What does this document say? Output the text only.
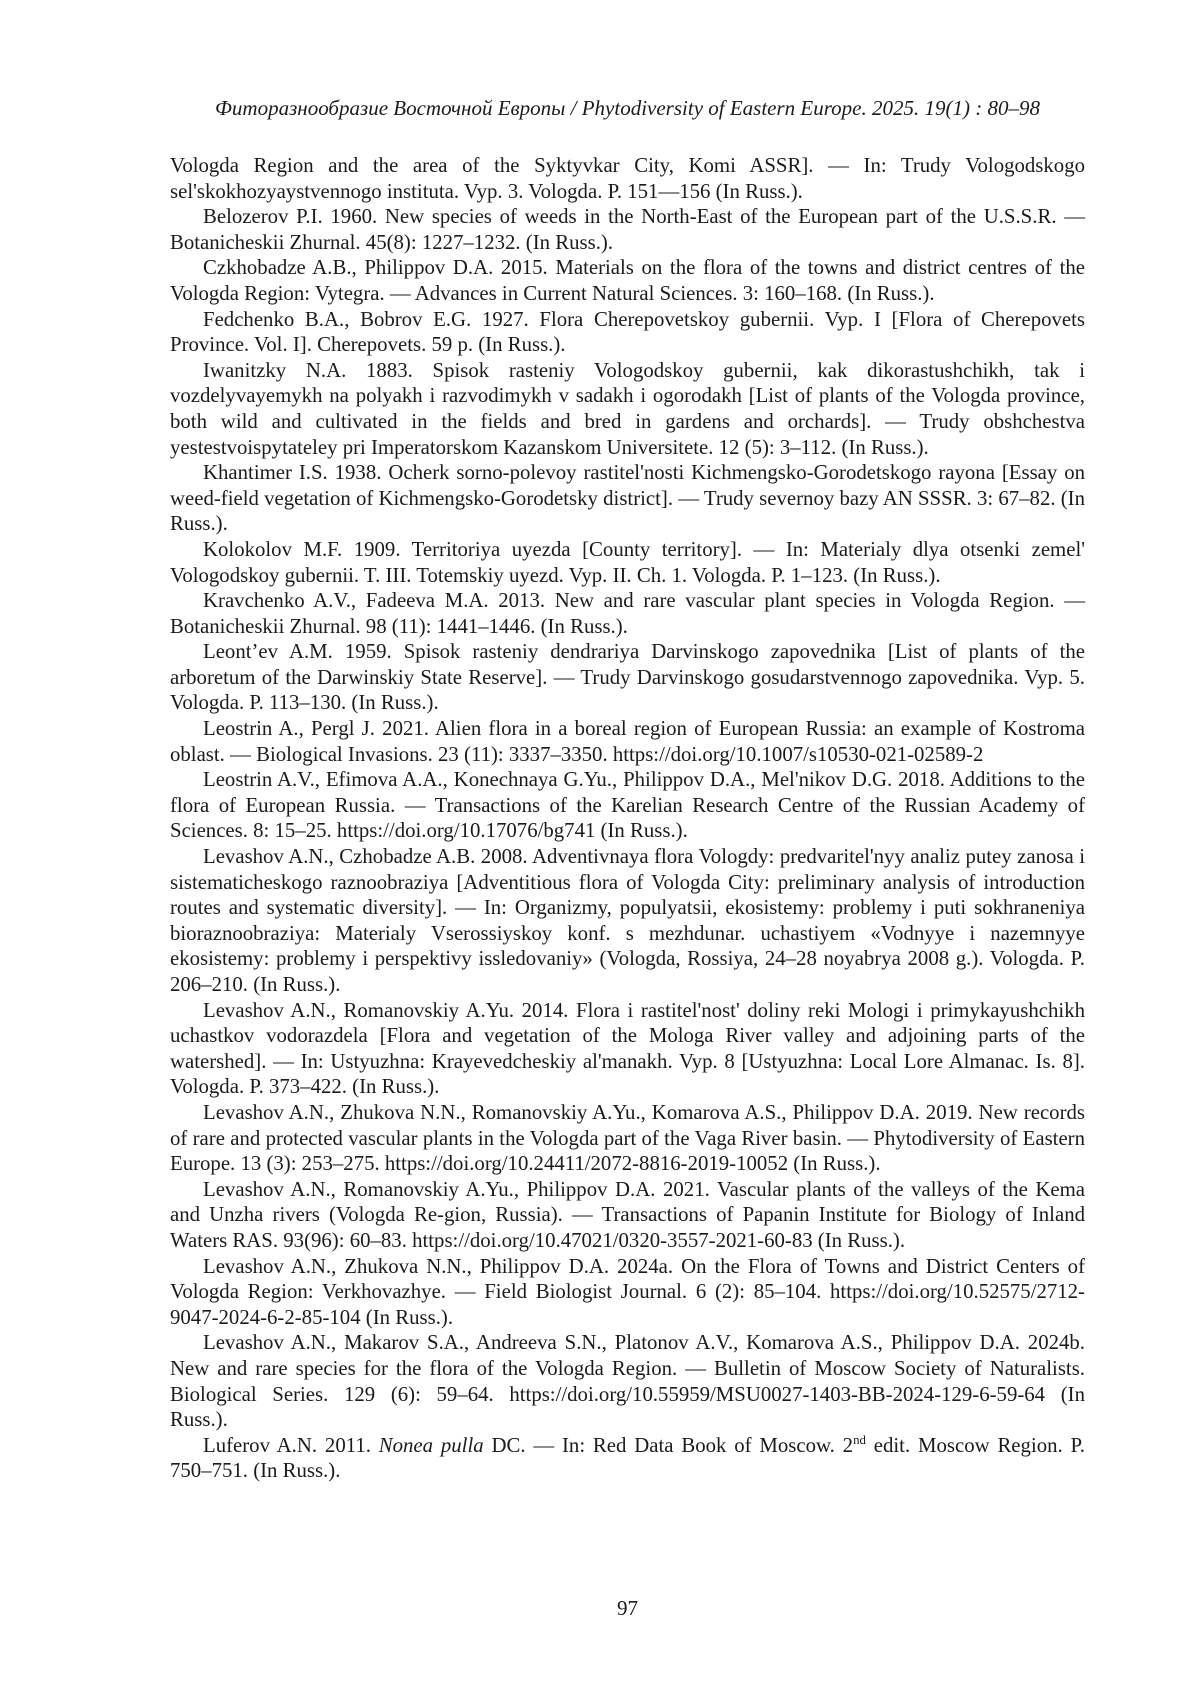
Фиторазнообразие Восточной Европы / Phytodiversity of Eastern Europe. 2025. 19(1) : 80–98

Vologda Region and the area of the Syktyvkar City, Komi ASSR]. — In: Trudy Vologodskogo sel'skokhozyaystvennogo instituta. Vyp. 3. Vologda. P. 151—156 (In Russ.).

Belozerov P.I. 1960. New species of weeds in the North-East of the European part of the U.S.S.R. — Botanicheskii Zhurnal. 45(8): 1227–1232. (In Russ.).

Czkhobadze A.B., Philippov D.A. 2015. Materials on the flora of the towns and district centres of the Vologda Region: Vytegra. — Advances in Current Natural Sciences. 3: 160–168. (In Russ.).

Fedchenko B.A., Bobrov E.G. 1927. Flora Cherepovetskoy gubernii. Vyp. I [Flora of Cherepovets Province. Vol. I]. Cherepovets. 59 p. (In Russ.).

Iwanitzky N.A. 1883. Spisok rasteniy Vologodskoy gubernii, kak dikorastushchikh, tak i vozdelyvayemykh na polyakh i razvodimykh v sadakh i ogorodakh [List of plants of the Vologda province, both wild and cultivated in the fields and bred in gardens and orchards]. — Trudy obshchestva yestestvoispytateley pri Imperatorskom Kazanskom Universitete. 12 (5): 3–112. (In Russ.).

Khantimer I.S. 1938. Ocherk sorno-polevoy rastitel'nosti Kichmengsko-Gorodetskogo rayona [Essay on weed-field vegetation of Kichmengsko-Gorodetsky district]. — Trudy severnoy bazy AN SSSR. 3: 67–82. (In Russ.).

Kolokolov M.F. 1909. Territoriya uyezda [County territory]. — In: Materialy dlya otsenki zemel' Vologodskoy gubernii. T. III. Totemskiy uyezd. Vyp. II. Ch. 1. Vologda. P. 1–123. (In Russ.).

Kravchenko A.V., Fadeeva M.A. 2013. New and rare vascular plant species in Vologda Region. — Botanicheskii Zhurnal. 98 (11): 1441–1446. (In Russ.).

Leont’ev A.M. 1959. Spisok rasteniy dendrariya Darvinskogo zapovednika [List of plants of the arboretum of the Darwinskiy State Reserve]. — Trudy Darvinskogo gosudarstvennogo zapovednika. Vyp. 5. Vologda. P. 113–130. (In Russ.).

Leostrin A., Pergl J. 2021. Alien flora in a boreal region of European Russia: an example of Kostroma oblast. — Biological Invasions. 23 (11): 3337–3350. https://doi.org/10.1007/s10530-021-02589-2

Leostrin A.V., Efimova A.A., Konechnaya G.Yu., Philippov D.A., Mel'nikov D.G. 2018. Additions to the flora of European Russia. — Transactions of the Karelian Research Centre of the Russian Academy of Sciences. 8: 15–25. https://doi.org/10.17076/bg741 (In Russ.).

Levashov A.N., Czhobadze A.B. 2008. Adventivnaya flora Vologdy: predvaritel'nyy analiz putey zanosa i sistematicheskogo raznoobraziya [Adventitious flora of Vologda City: preliminary analysis of introduction routes and systematic diversity]. — In: Organizmy, populyatsii, ekosistemy: problemy i puti sokhraneniya bioraznoobraziya: Materialy Vserossiyskoy konf. s mezhdunar. uchastiyem «Vodnyye i nazemnyye ekosistemy: problemy i perspektivy issledovaniy» (Vologda, Rossiya, 24–28 noyabrya 2008 g.). Vologda. P. 206–210. (In Russ.).

Levashov A.N., Romanovskiy A.Yu. 2014. Flora i rastitel'nost' doliny reki Mologi i primykayushchikh uchastkov vodorazdela [Flora and vegetation of the Mologa River valley and adjoining parts of the watershed]. — In: Ustyuzhna: Krayevedcheskiy al'manakh. Vyp. 8 [Ustyuzhna: Local Lore Almanac. Is. 8]. Vologda. P. 373–422. (In Russ.).

Levashov A.N., Zhukova N.N., Romanovskiy A.Yu., Komarova A.S., Philippov D.A. 2019. New records of rare and protected vascular plants in the Vologda part of the Vaga River basin. — Phytodiversity of Eastern Europe. 13 (3): 253–275. https://doi.org/10.24411/2072-8816-2019-10052 (In Russ.).

Levashov A.N., Romanovskiy A.Yu., Philippov D.A. 2021. Vascular plants of the valleys of the Kema and Unzha rivers (Vologda Re-gion, Russia). — Transactions of Papanin Institute for Biology of Inland Waters RAS. 93(96): 60–83. https://doi.org/10.47021/0320-3557-2021-60-83 (In Russ.).

Levashov A.N., Zhukova N.N., Philippov D.A. 2024a. On the Flora of Towns and District Centers of Vologda Region: Verkhovazhye. — Field Biologist Journal. 6 (2): 85–104. https://doi.org/10.52575/2712-9047-2024-6-2-85-104 (In Russ.).

Levashov A.N., Makarov S.A., Andreeva S.N., Platonov A.V., Komarova A.S., Philippov D.A. 2024b. New and rare species for the flora of the Vologda Region. — Bulletin of Moscow Society of Naturalists. Biological Series. 129 (6): 59–64. https://doi.org/10.55959/MSU0027-1403-BB-2024-129-6-59-64 (In Russ.).

Luferov A.N. 2011. Nonea pulla DC. — In: Red Data Book of Moscow. 2nd edit. Moscow Region. P. 750–751. (In Russ.).

97
